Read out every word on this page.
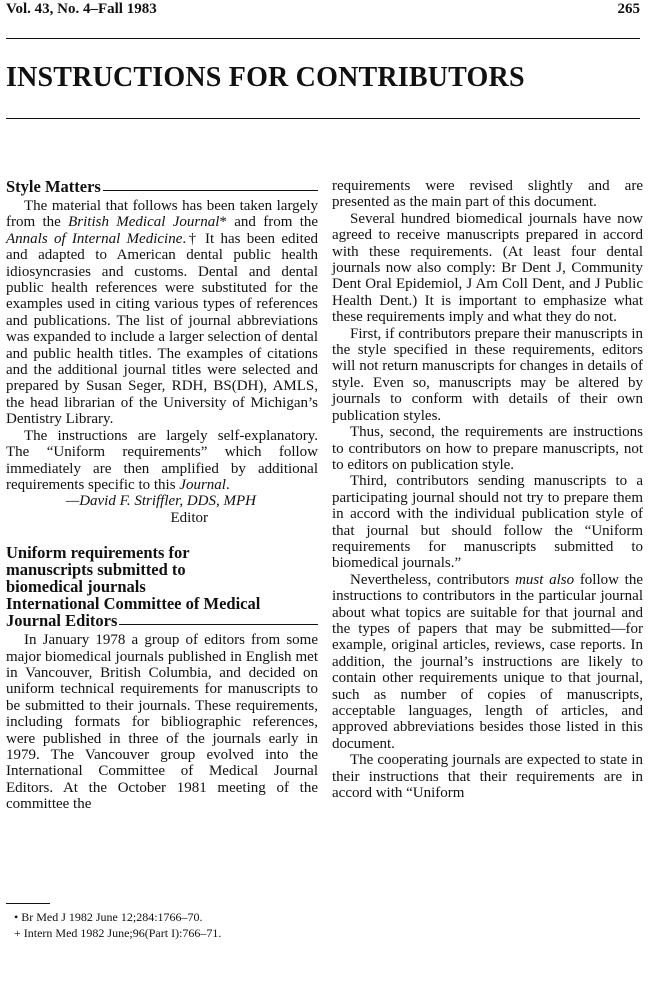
Vol. 43, No. 4–Fall 1983	265
INSTRUCTIONS FOR CONTRIBUTORS
Style Matters

The material that follows has been taken largely from the British Medical Journal* and from the Annals of Internal Medicine.† It has been edited and adapted to American dental public health idiosyncrasies and customs. Dental and dental public health references were substituted for the examples used in citing various types of references and publications. The list of journal abbreviations was expanded to include a larger selection of dental and public health titles. The examples of citations and the additional journal titles were selected and prepared by Susan Seger, RDH, BS(DH), AMLS, the head librarian of the University of Michigan’s Dentistry Library.

The instructions are largely self-explanatory. The “Uniform requirements” which follow immediately are then amplified by additional requirements specific to this Journal.

—David F. Striffler, DDS, MPH
Editor
Uniform requirements for
manuscripts submitted to
biomedical journals
International Committee of Medical
Journal Editors

In January 1978 a group of editors from some major biomedical journals published in English met in Vancouver, British Columbia, and decided on uniform technical requirements for manuscripts to be submitted to their journals. These requirements, including formats for bibliographic references, were published in three of the journals early in 1979. The Vancouver group evolved into the International Committee of Medical Journal Editors. At the October 1981 meeting of the committee the

requirements were revised slightly and are presented as the main part of this document.

Several hundred biomedical journals have now agreed to receive manuscripts prepared in accord with these requirements. (At least four dental journals now also comply: Br Dent J, Community Dent Oral Epidemiol, J Am Coll Dent, and J Public Health Dent.) It is important to emphasize what these requirements imply and what they do not.

First, if contributors prepare their manuscripts in the style specified in these requirements, editors will not return manuscripts for changes in details of style. Even so, manuscripts may be altered by journals to conform with details of their own publication styles.

Thus, second, the requirements are instructions to contributors on how to prepare manuscripts, not to editors on publication style.

Third, contributors sending manuscripts to a participating journal should not try to prepare them in accord with the individual publication style of that journal but should follow the “Uniform requirements for manuscripts submitted to biomedical journals.”

Nevertheless, contributors must also follow the instructions to contributors in the particular journal about what topics are suitable for that journal and the types of papers that may be submitted—for example, original articles, reviews, case reports. In addition, the journal’s instructions are likely to contain other requirements unique to that journal, such as number of copies of manuscripts, acceptable languages, length of articles, and approved abbreviations besides those listed in this document.

The cooperating journals are expected to state in their instructions that their requirements are in accord with “Uniform

• Br Med J 1982 June 12;284:1766–70.
+ Intern Med 1982 June;96(Part I):766–71.
